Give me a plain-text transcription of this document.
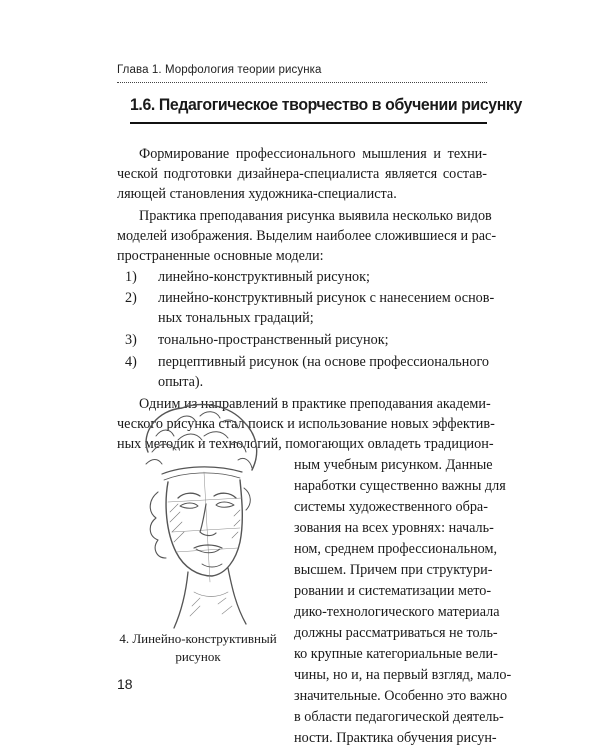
Глава 1. Морфология теории рисунка
1.6. Педагогическое творчество в обучении рисунку
Формирование профессионального мышления и техни-
ческой подготовки дизайнера-специалиста является состав-
ляющей становления художника-специалиста.
Практика преподавания рисунка выявила несколько видов
моделей изображения. Выделим наиболее сложившиеся и рас-
пространенные основные модели:
1) линейно-конструктивный рисунок;
2) линейно-конструктивный рисунок с нанесением основ-
ных тональных градаций;
3) тонально-пространственный рисунок;
4) перцептивный рисунок (на основе профессионального
опыта).
Одним из направлений в практике преподавания академи-
ческого рисунка стал поиск и использование новых эффектив-
ных методик и технологий, помогающих овладеть традицион-
ным учебным рисунком. Данные
наработки существенно важны для
системы художественного обра-
зования на всех уровнях: началь-
ном, среднем профессиональном,
высшем. Причем при структури-
ровании и систематизации мето-
дико-технологического материала
должны рассматриваться не толь-
ко крупные категориальные вели-
чины, но и, на первый взгляд, мало-
значительные. Особенно это важно
в области педагогической деятель-
ности. Практика обучения рисун-
4. Линейно-конструктивный
рисунок
18
